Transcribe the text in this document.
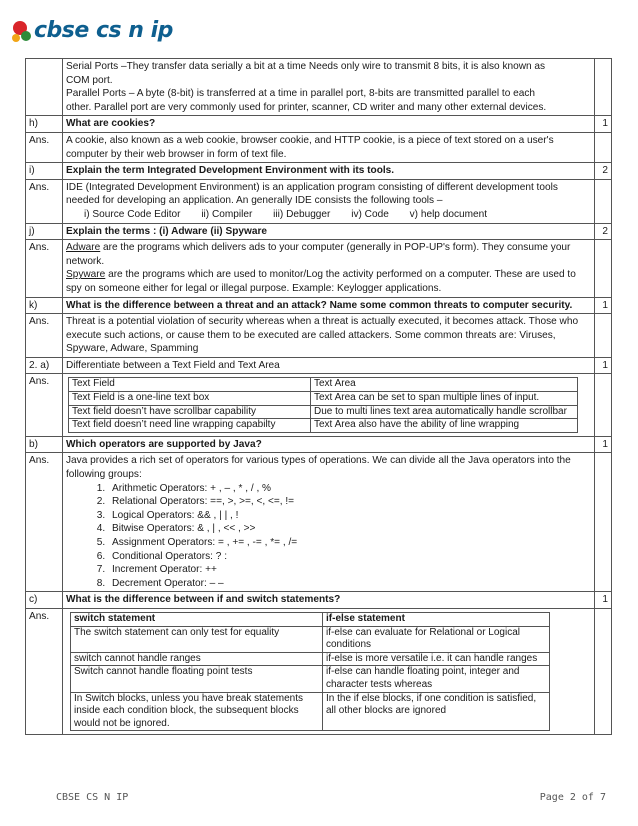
cbse cs n ip

Serial Ports –They transfer data serially a bit at a time Needs only wire to transmit 8 bits, it is also known as
COM port.
Parallel Ports – A byte (8-bit) is transferred at a time in parallel port, 8-bits are transmitted parallel to each
other. Parallel port are very commonly used for printer, scanner, CD writer and many other external devices.

h)	What are cookies?	1
Ans.	A cookie, also known as a web cookie, browser cookie, and HTTP cookie, is a piece of text stored on a user's computer by their web browser in form of text file.	
i)	Explain the term Integrated Development Environment with its tools.	2
Ans.	IDE (Integrated Development Environment) is an application program consisting of different development tools needed for developing an application. An generally IDE consists the following tools –
i) Source Code Editor ii) Compiler iii) Debugger iv) Code v) help document

j)	Explain the terms : (i) Adware (ii) Spyware	2
Ans.	Adware are the programs which delivers ads to your computer (generally in POP-UP's form). They consume your network.
Spyware are the programs which are used to monitor/Log the activity performed on a computer. These are used to spy on someone either for legal or illegal purpose. Example: Keylogger applications.

k)	What is the difference between a threat and an attack? Name some common threats to computer security.	1
Ans.	Threat is a potential violation of security whereas when a threat is actually executed, it becomes attack. Those who execute such actions, or cause them to be executed are called attackers. Some common threats are: Viruses, Spyware, Adware, Spamming	
2. a)	Differentiate between a Text Field and Text Area	1
Ans.	Text Field	Text Area
Text Field is a one-line text box	Text Area can be set to span multiple lines of input.
Text field doesn’t have scrollbar capability	Due to multi lines text area automatically handle scrollbar
Text field doesn’t need line wrapping capabilty	Text Area also have the ability of line wrapping

b)	Which operators are supported by Java?	1
Ans.	Java provides a rich set of operators for various types of operations. We can divide all the Java operators into the following groups:
1. Arithmetic Operators: + , – , * , / , %
2. Relational Operators: ==, >, >=, <, <=, !=
3. Logical Operators: && , | | , !
4. Bitwise Operators: & , | , << , >>
5. Assignment Operators: = , += , -= , *= , /=
6. Conditional Operators: ? :
7. Increment Operator: ++
8. Decrement Operator: – –

c)	What is the difference between if and switch statements?	1
Ans.	switch statement	if-else statement
The switch statement can only test for equality	if-else can evaluate for Relational or Logical conditions
switch cannot handle ranges	if-else is more versatile i.e. it can handle ranges
Switch cannot handle floating point tests	if-else can handle floating point, integer and character tests whereas
In Switch blocks, unless you have break statements inside each condition block, the subsequent blocks would not be ignored.	In the if else blocks, if one condition is satisfied, all other blocks are ignored

CBSE CS N IP	Page 2 of 7
